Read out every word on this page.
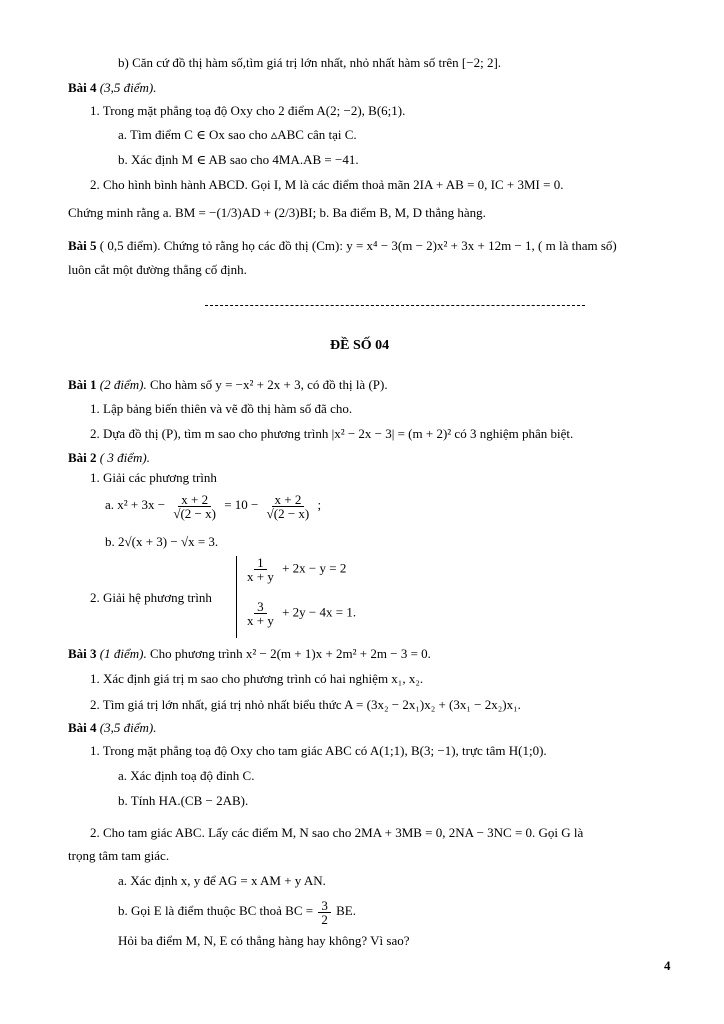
b) Căn cứ đồ thị hàm số,tìm giá trị lớn nhất, nhỏ nhất hàm số trên [−2; 2].
Bài 4 (3,5 điểm).
1. Trong mặt phẳng toạ độ Oxy cho 2 điểm A(2; −2), B(6;1).
a. Tìm điểm C ∈ Ox sao cho ▵ABC cân tại C.
b. Xác định M ∈ AB sao cho 4MA.AB = −41.
2. Cho hình bình hành ABCD. Gọi I, M là các điểm thoả mãn 2IA + AB = 0, IC + 3MI = 0.
Chứng minh rằng a. BM = −(1/3)AD + (2/3)BI; b. Ba điểm B, M, D thẳng hàng.
Bài 5 ( 0,5 điểm). Chứng tỏ rằng họ các đồ thị (Cm): y = x⁴ − 3(m − 2)x² + 3x + 12m − 1, ( m là tham số)
luôn cắt một đường thẳng cố định.
ĐỀ SỐ 04
Bài 1 (2 điểm). Cho hàm số y = −x² + 2x + 3, có đồ thị là (P).
1. Lập bảng biến thiên và vẽ đồ thị hàm số đã cho.
2. Dựa đồ thị (P), tìm m sao cho phương trình |x² − 2x − 3| = (m + 2)² có 3 nghiệm phân biệt.
Bài 2 ( 3 điểm).
1. Giải các phương trình
a. $x^2 + 3x - \frac{x + 2}{√(2 - x)} = 10 - \frac{x + 2}{√(2 - x)}$ ;
b. 2√(x + 3) − √x = 3.
2. Giải hệ phương trình
$\frac{1}{x + y} + 2x - y = 2$
$\frac{3}{x + y} + 2y - 4x = 1$.
Bài 3 (1 điểm). Cho phương trình x² − 2(m + 1)x + 2m² + 2m − 3 = 0.
1. Xác định giá trị m sao cho phương trình có hai nghiệm x₁, x₂.
2. Tìm giá trị lớn nhất, giá trị nhỏ nhất biểu thức A = (3x₂ − 2x₁)x₂ + (3x₁ − 2x₂)x₁.
Bài 4 (3,5 điểm).
1. Trong mặt phẳng toạ độ Oxy cho tam giác ABC có A(1;1), B(3; −1), trực tâm H(1;0).
a. Xác định toạ độ đỉnh C.
b. Tính HA.(CB − 2AB).
2. Cho tam giác ABC. Lấy các điểm M, N sao cho 2MA + 3MB = 0, 2NA − 3NC = 0. Gọi G là
trọng tâm tam giác.
a. Xác định x, y để AG = x AM + y AN.
b. Gọi E là điểm thuộc BC thoả BC = $\frac{3}{2}$ BE.
Hỏi ba điểm M, N, E có thẳng hàng hay không? Vì sao?
4
